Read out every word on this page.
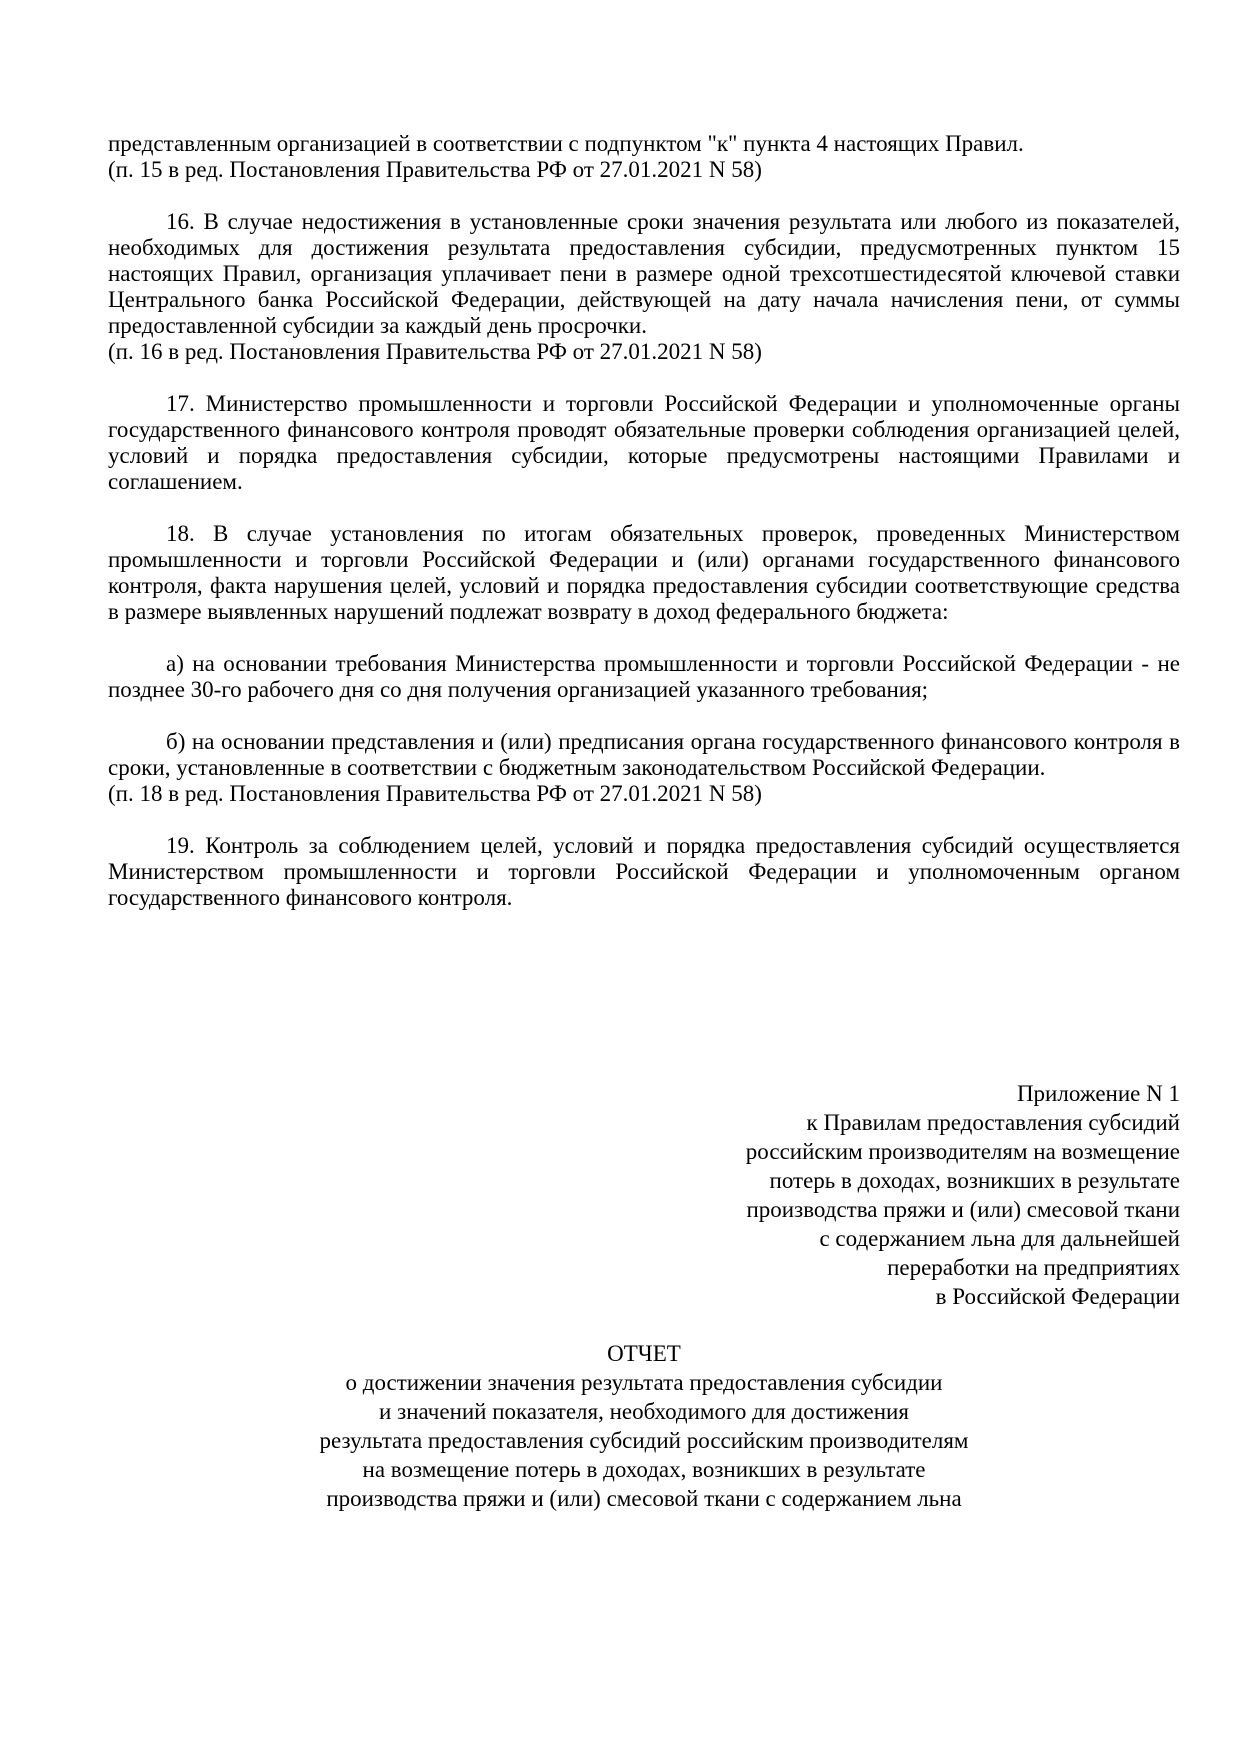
представленным организацией в соответствии с подпунктом "к" пункта 4 настоящих Правил.

(п. 15 в ред. Постановления Правительства РФ от 27.01.2021 N 58)

16. В случае недостижения в установленные сроки значения результата или любого из показателей, необходимых для достижения результата предоставления субсидии, предусмотренных пунктом 15 настоящих Правил, организация уплачивает пени в размере одной трехсотшестидесятой ключевой ставки Центрального банка Российской Федерации, действующей на дату начала начисления пени, от суммы предоставленной субсидии за каждый день просрочки.

(п. 16 в ред. Постановления Правительства РФ от 27.01.2021 N 58)

17. Министерство промышленности и торговли Российской Федерации и уполномоченные органы государственного финансового контроля проводят обязательные проверки соблюдения организацией целей, условий и порядка предоставления субсидии, которые предусмотрены настоящими Правилами и соглашением.

18. В случае установления по итогам обязательных проверок, проведенных Министерством промышленности и торговли Российской Федерации и (или) органами государственного финансового контроля, факта нарушения целей, условий и порядка предоставления субсидии соответствующие средства в размере выявленных нарушений подлежат возврату в доход федерального бюджета:

а) на основании требования Министерства промышленности и торговли Российской Федерации - не позднее 30-го рабочего дня со дня получения организацией указанного требования;

б) на основании представления и (или) предписания органа государственного финансового контроля в сроки, установленные в соответствии с бюджетным законодательством Российской Федерации.

(п. 18 в ред. Постановления Правительства РФ от 27.01.2021 N 58)

19. Контроль за соблюдением целей, условий и порядка предоставления субсидий осуществляется Министерством промышленности и торговли Российской Федерации и уполномоченным органом государственного финансового контроля.

Приложение N 1
к Правилам предоставления субсидий
российским производителям на возмещение
потерь в доходах, возникших в результате
производства пряжи и (или) смесовой ткани
с содержанием льна для дальнейшей
переработки на предприятиях
в Российской Федерации
ОТЧЕТ
о достижении значения результата предоставления субсидии
и значений показателя, необходимого для достижения
результата предоставления субсидий российским производителям
на возмещение потерь в доходах, возникших в результате
производства пряжи и (или) смесовой ткани с содержанием льна
